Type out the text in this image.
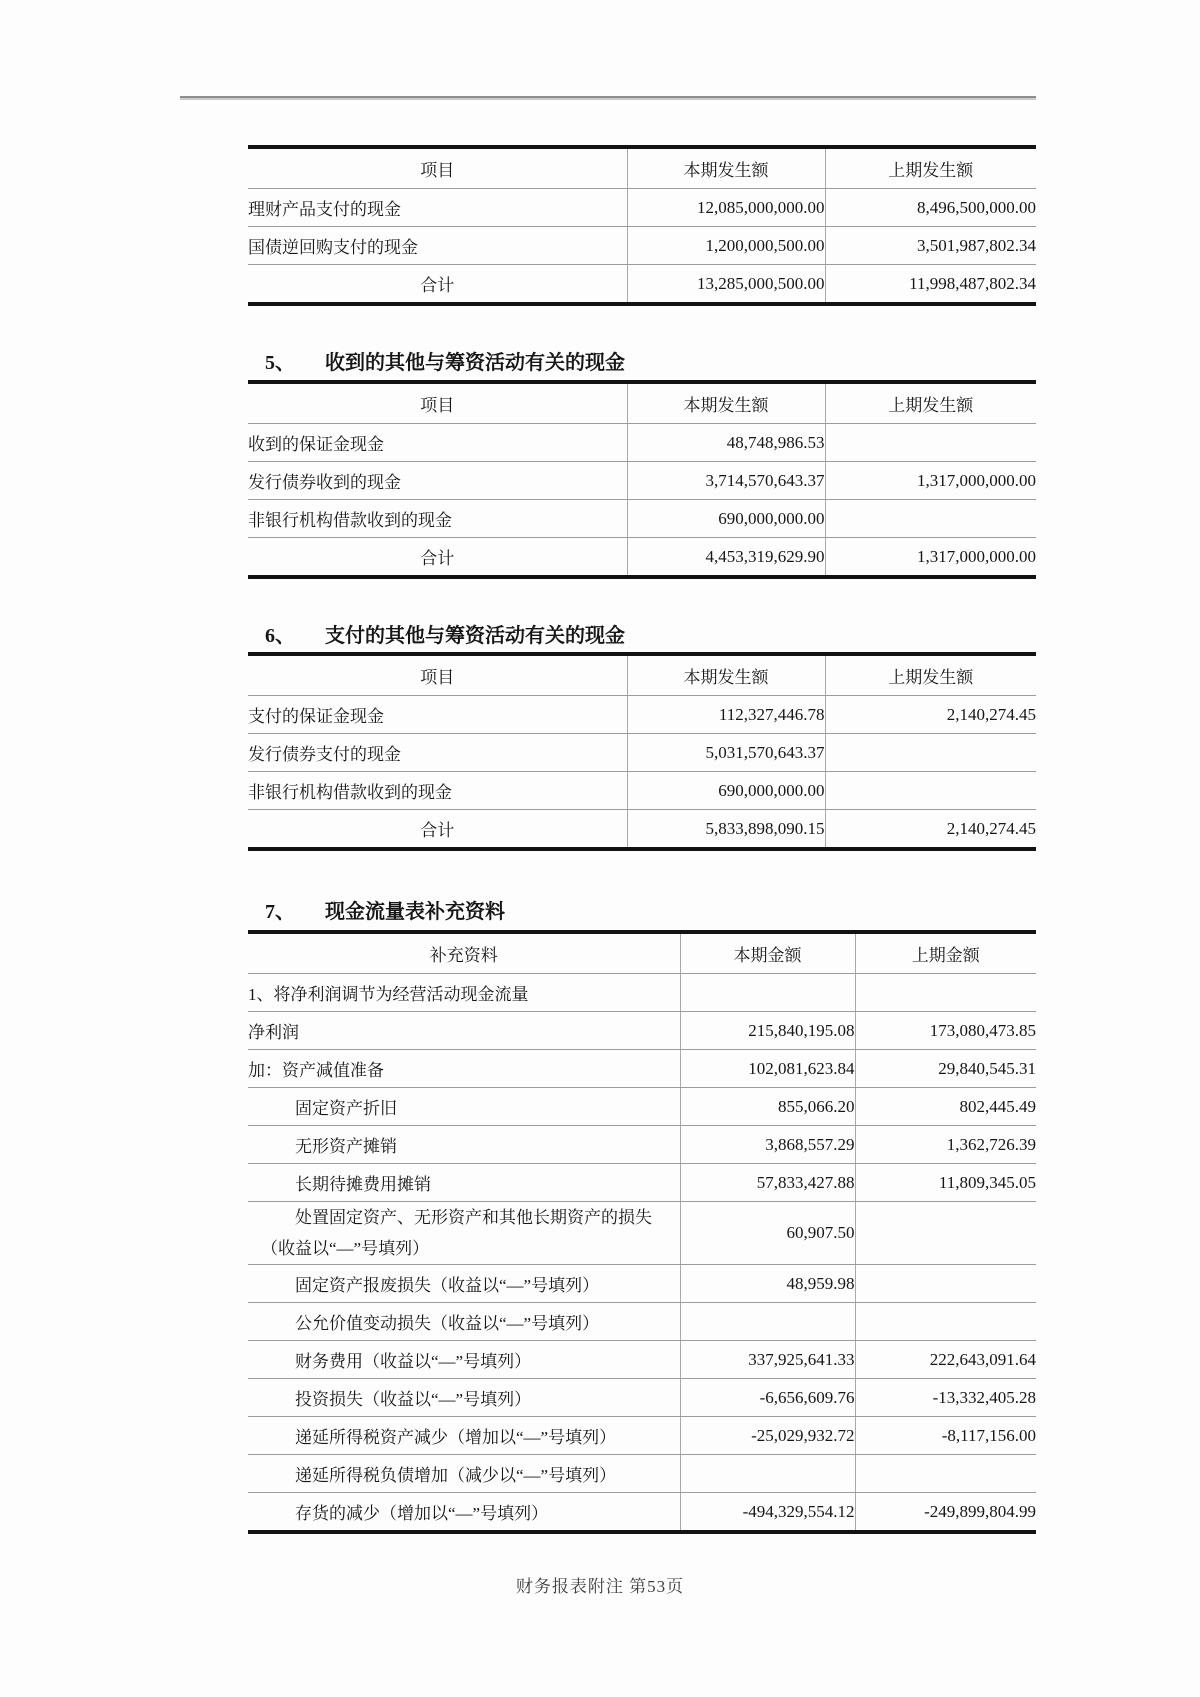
项目	本期发生额	上期发生额
理财产品支付的现金	12,085,000,000.00	8,496,500,000.00
国债逆回购支付的现金	1,200,000,500.00	3,501,987,802.34
合计	13,285,000,500.00	11,998,487,802.34
5、 收到的其他与筹资活动有关的现金
项目	本期发生额	上期发生额
收到的保证金现金	48,748,986.53	
发行债券收到的现金	3,714,570,643.37	1,317,000,000.00
非银行机构借款收到的现金	690,000,000.00	
合计	4,453,319,629.90	1,317,000,000.00
6、 支付的其他与筹资活动有关的现金
项目	本期发生额	上期发生额
支付的保证金现金	112,327,446.78	2,140,274.45
发行债券支付的现金	5,031,570,643.37	
非银行机构借款收到的现金	690,000,000.00	
合计	5,833,898,090.15	2,140,274.45
7、 现金流量表补充资料
补充资料	本期金额	上期金额
1、将净利润调节为经营活动现金流量		
净利润	215,840,195.08	173,080,473.85
加：资产减值准备	102,081,623.84	29,840,545.31
固定资产折旧	855,066.20	802,445.49
无形资产摊销	3,868,557.29	1,362,726.39
长期待摊费用摊销	57,833,427.88	11,809,345.05

处置固定资产、无形资产和其他长期资产的损失
（收益以“—”号填列）	60,907.50	
固定资产报废损失（收益以“—”号填列）	48,959.98	
公允价值变动损失（收益以“—”号填列）		
财务费用（收益以“—”号填列）	337,925,641.33	222,643,091.64
投资损失（收益以“—”号填列）	-6,656,609.76	-13,332,405.28
递延所得税资产减少（增加以“—”号填列）	-25,029,932.72	-8,117,156.00
递延所得税负债增加（减少以“—”号填列）		
存货的减少（增加以“—”号填列）	-494,329,554.12	-249,899,804.99
财务报表附注 第53页
